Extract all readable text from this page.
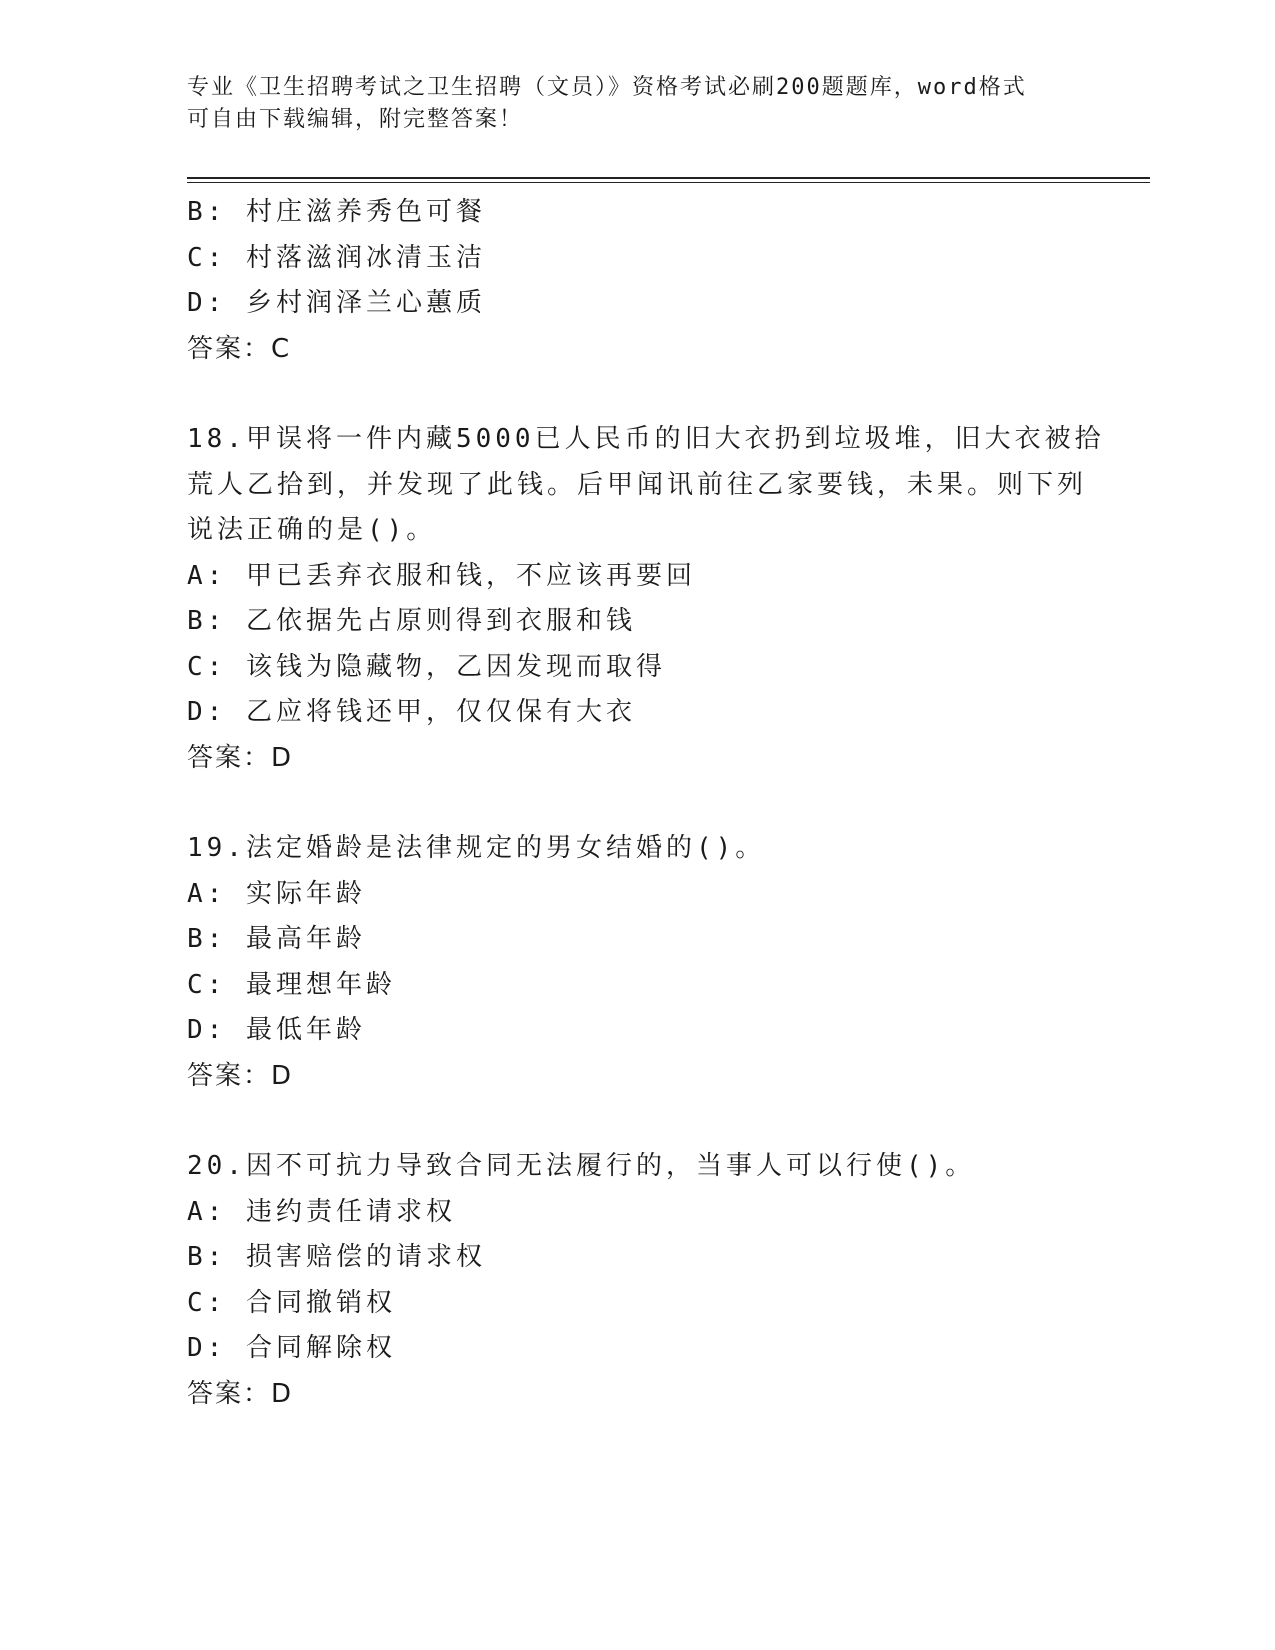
专业《卫生招聘考试之卫生招聘（文员）》资格考试必刷200题题库，word格式
可自由下载编辑，附完整答案！
B: 村庄滋养秀色可餐
C: 村落滋润冰清玉洁
D: 乡村润泽兰心蕙质
答案：C
18.甲误将一件内藏5000已人民币的旧大衣扔到垃圾堆，旧大衣被拾
荒人乙拾到，并发现了此钱。后甲闻讯前往乙家要钱，未果。则下列
说法正确的是()。
A: 甲已丢弃衣服和钱，不应该再要回
B: 乙依据先占原则得到衣服和钱
C: 该钱为隐藏物，乙因发现而取得
D: 乙应将钱还甲，仅仅保有大衣
答案：D
19.法定婚龄是法律规定的男女结婚的()。
A: 实际年龄
B: 最高年龄
C: 最理想年龄
D: 最低年龄
答案：D
20.因不可抗力导致合同无法履行的，当事人可以行使()。
A: 违约责任请求权
B: 损害赔偿的请求权
C: 合同撤销权
D: 合同解除权
答案：D
